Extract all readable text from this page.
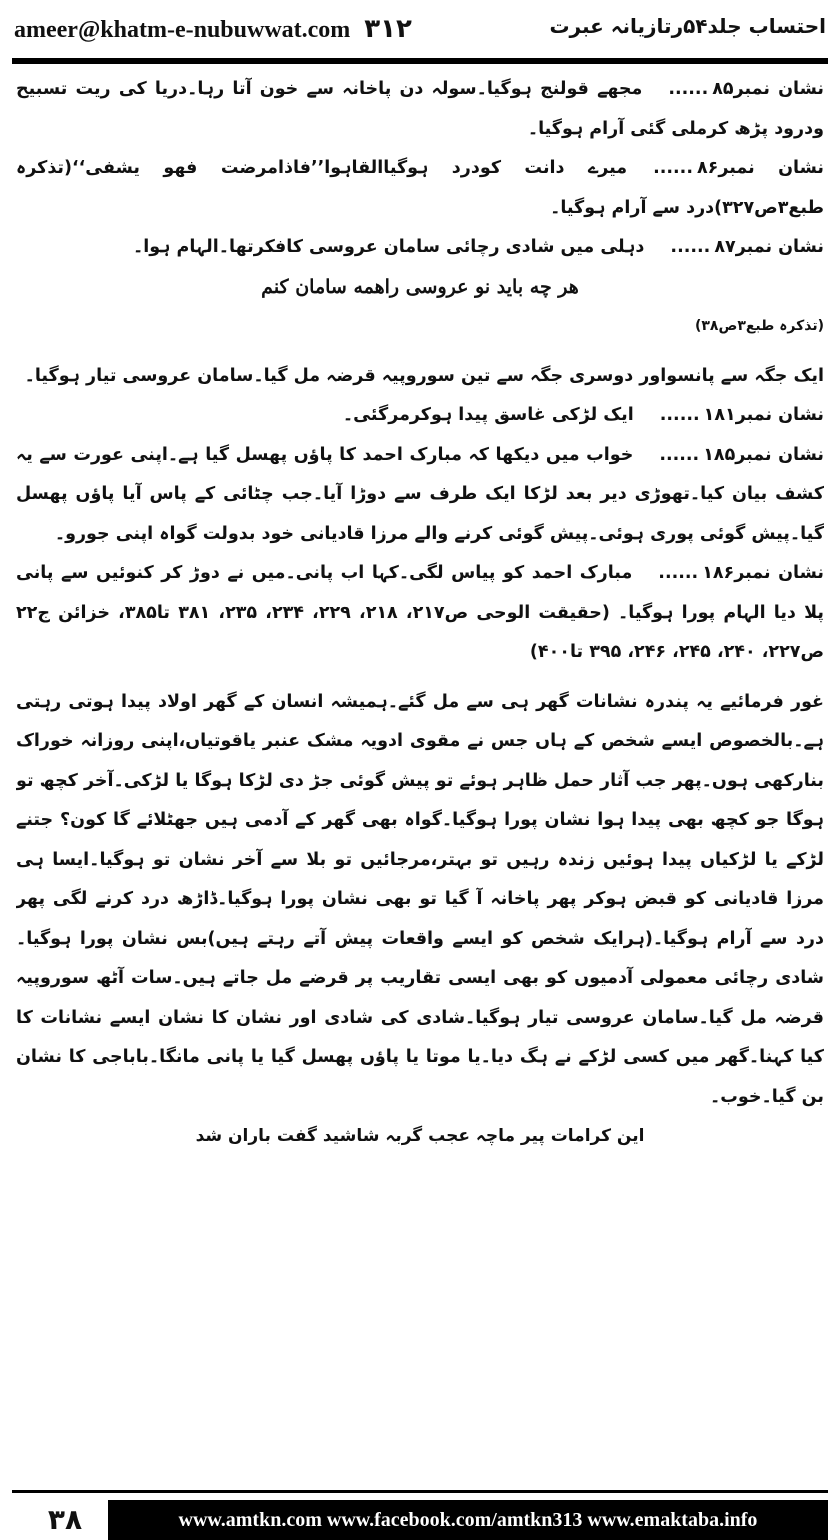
ameer@khatm-e-nubuwwat.com ۳۱۲	احتساب جلد۵۴رتازیانہ عبرت

نشان نمبر۸۵......مجھے قولنج ہوگیا۔سولہ دن پاخانہ سے خون آتا رہا۔دریا کی ریت تسبیح ودرود پڑھ کرملی گئی آرام ہوگیا۔

نشان نمبر۸۶......میرے دانت کودرد ہوگیاالقاہوا’’فاذامرضت فهو يشفى‘‘(تذکرہ طبع۳ص۳۲۷)درد سے آرام ہوگیا۔

نشان نمبر۸۷......دہلی میں شادی رچائی سامان عروسی کافکرتھا۔الہام ہوا۔

هر چه بايد نو عروسى راهمه سامان كنم

(تذکرہ طبع۳ص۳۸)

ایک جگہ سے پانسواور دوسری جگہ سے تین سوروپیہ قرضہ مل گیا۔سامان عروسی تیار ہوگیا۔

نشان نمبر۱۸۱......ایک لڑکی غاسق پیدا ہوکرمرگئی۔

نشان نمبر۱۸۵......خواب میں دیکھا کہ مبارک احمد کا پاؤں پھسل گیا ہے۔اپنی عورت سے یہ کشف بیان کیا۔تھوڑی دیر بعد لڑکا ایک طرف سے دوڑا آیا۔جب چٹائی کے پاس آیا پاؤں پھسل گیا۔پیش گوئی پوری ہوئی۔پیش گوئی کرنے والے مرزا قادیانی خود بدولت گواہ اپنی جورو۔

نشان نمبر۱۸۶......مبارک احمد کو پیاس لگی۔کہا اب پانی۔میں نے دوڑ کر کنوئیں سے پانی پلا دیا الہام پورا ہوگیا۔ (حقیقت الوحی ص۲۱۷، ۲۱۸، ۲۲۹، ۲۳۴، ۲۳۵، ۳۸۱ تا۳۸۵، خزائن ج۲۲ ص۲۲۷، ۲۴۰، ۲۴۵، ۲۴۶، ۳۹۵ تا۴۰۰)

غور فرمائیے یہ پندرہ نشانات گھر ہی سے مل گئے۔ہمیشہ انسان کے گھر اولاد پیدا ہوتی رہتی ہے۔بالخصوص ایسے شخص کے ہاں جس نے مقوی ادویہ مشک عنبر یاقوتیاں،اپنی روزانہ خوراک بنارکھی ہوں۔پھر جب آثار حمل ظاہر ہوئے تو پیش گوئی جڑ دی لڑکا ہوگا یا لڑکی۔آخر کچھ تو ہوگا جو کچھ بھی پیدا ہوا نشان پورا ہوگیا۔گواہ بھی گھر کے آدمی ہیں جھٹلائے گا کون؟ جتنے لڑکے یا لڑکیاں پیدا ہوئیں زندہ رہیں تو بہتر،مرجائیں تو بلا سے آخر نشان تو ہوگیا۔ایسا ہی مرزا قادیانی کو قبض ہوکر پھر پاخانہ آ گیا تو بھی نشان پورا ہوگیا۔ڈاڑھ درد کرنے لگی پھر درد سے آرام ہوگیا۔(ہرایک شخص کو ایسے واقعات پیش آتے رہتے ہیں)بس نشان پورا ہوگیا۔شادی رچائی معمولی آدمیوں کو بھی ایسی تقاریب پر قرضے مل جاتے ہیں۔سات آٹھ سوروپیہ قرضہ مل گیا۔سامان عروسی تیار ہوگیا۔شادی کی شادی اور نشان کا نشان ایسے نشانات کا کیا کہنا۔گھر میں کسی لڑکے نے ہگ دیا۔یا موتا یا پاؤں پھسل گیا یا پانی مانگا۔باباجی کا نشان بن گیا۔خوب۔

این کرامات پیر ماچہ عجب گربہ شاشید گفت باران شد

۳۸	www.amtkn.com www.facebook.com/amtkn313 www.emaktaba.info
